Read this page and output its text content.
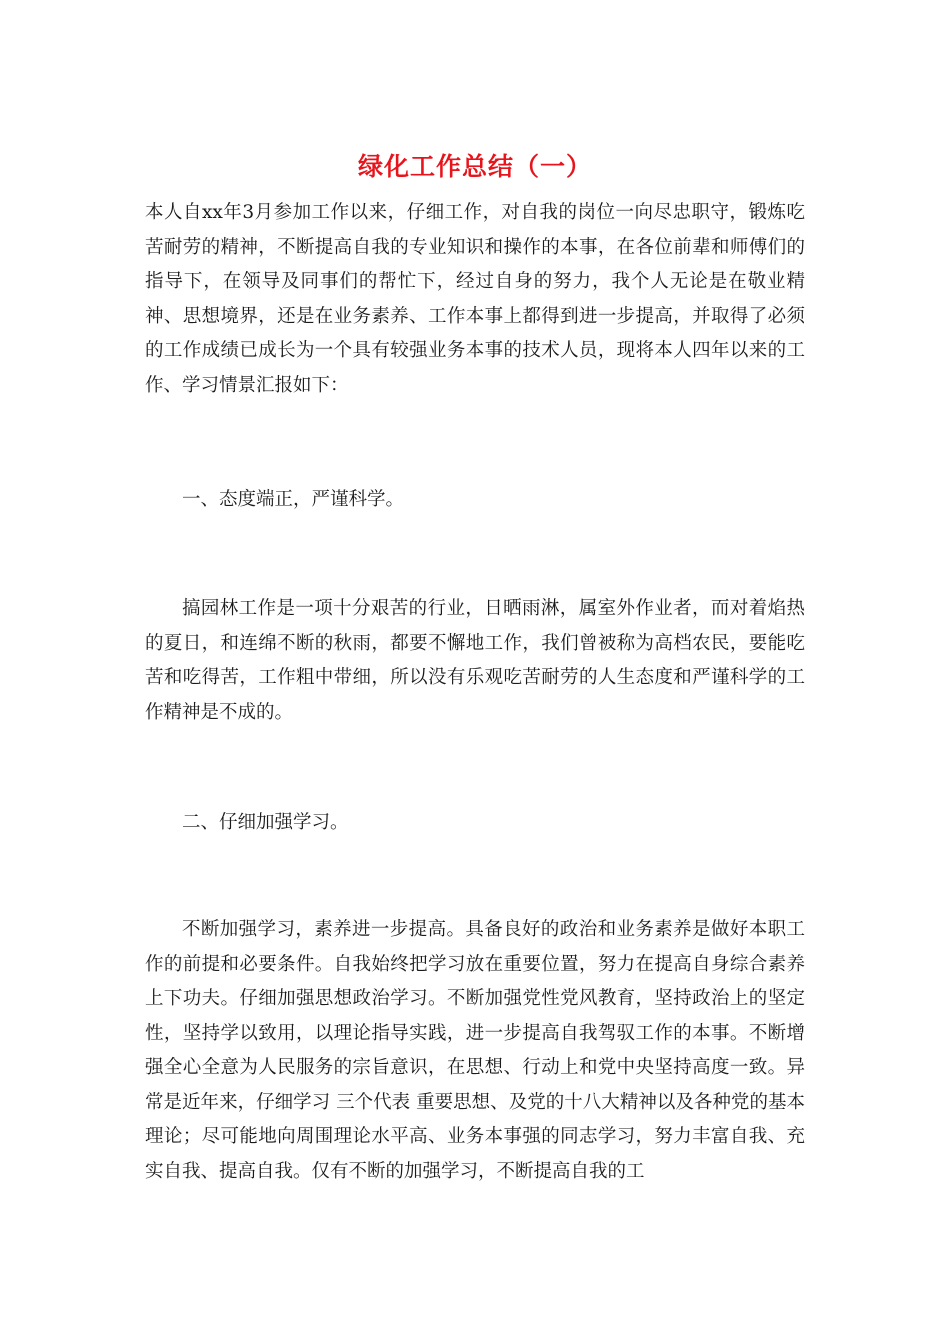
绿化工作总结（一）

本人自xx年3月参加工作以来，仔细工作，对自我的岗位一向尽忠职守，锻炼吃苦耐劳的精神，不断提高自我的专业知识和操作的本事，在各位前辈和师傅们的指导下，在领导及同事们的帮忙下，经过自身的努力，我个人无论是在敬业精神、思想境界，还是在业务素养、工作本事上都得到进一步提高，并取得了必须的工作成绩已成长为一个具有较强业务本事的技术人员，现将本人四年以来的工作、学习情景汇报如下：

一、态度端正，严谨科学。

搞园林工作是一项十分艰苦的行业，日晒雨淋，属室外作业者，而对着焰热的夏日，和连绵不断的秋雨，都要不懈地工作，我们曾被称为高档农民，要能吃苦和吃得苦，工作粗中带细，所以没有乐观吃苦耐劳的人生态度和严谨科学的工作精神是不成的。

二、仔细加强学习。

不断加强学习，素养进一步提高。具备良好的政治和业务素养是做好本职工作的前提和必要条件。自我始终把学习放在重要位置，努力在提高自身综合素养上下功夫。仔细加强思想政治学习。不断加强党性党风教育，坚持政治上的坚定性，坚持学以致用，以理论指导实践，进一步提高自我驾驭工作的本事。不断增强全心全意为人民服务的宗旨意识，在思想、行动上和党中央坚持高度一致。异常是近年来，仔细学习 三个代表 重要思想、及党的十八大精神以及各种党的基本理论；尽可能地向周围理论水平高、业务本事强的同志学习，努力丰富自我、充实自我、提高自我。仅有不断的加强学习，不断提高自我的工
